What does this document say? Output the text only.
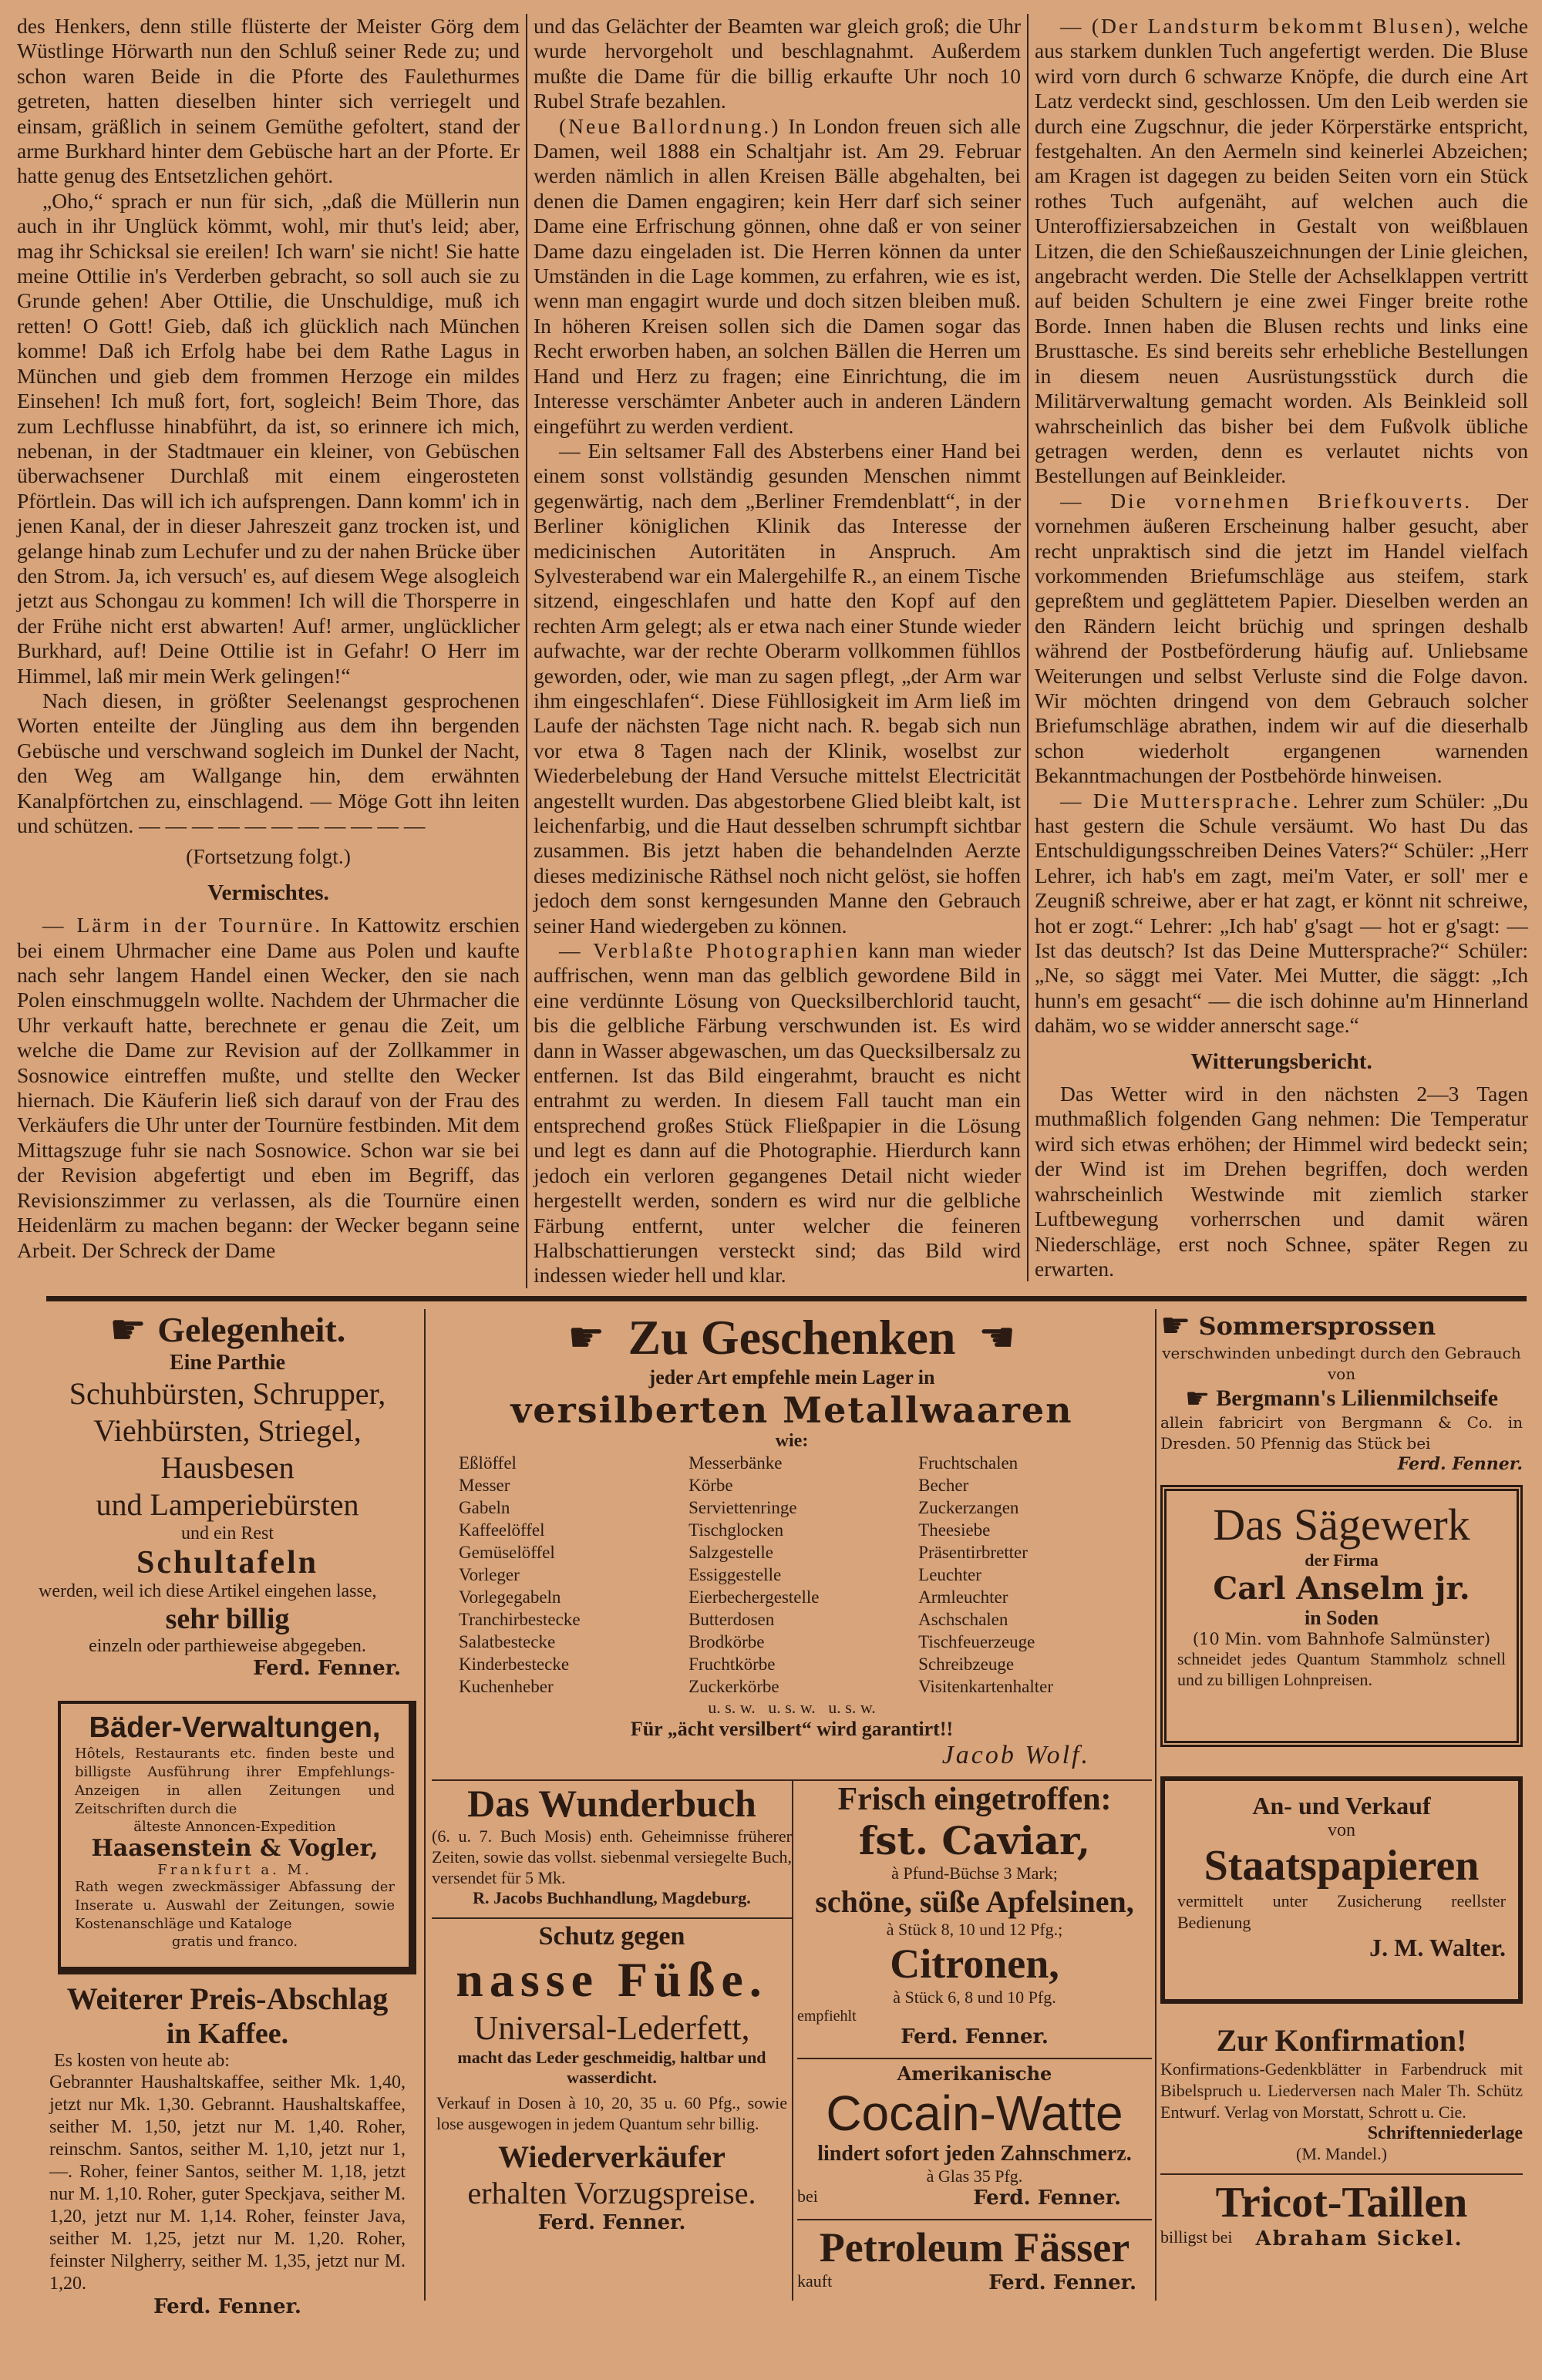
des Henkers, denn stille flüsterte der Meister Görg dem Wüstlinge Hörwarth nun den Schluß seiner Rede zu; und schon waren Beide in die Pforte des Faulethurmes getreten, hatten dieselben hinter sich verriegelt und einsam, gräßlich in seinem Gemüthe gefoltert, stand der arme Burkhard hinter dem Gebüsche hart an der Pforte. Er hatte genug des Entsetzlichen gehört.

„Oho,“ sprach er nun für sich, „daß die Müllerin nun auch in ihr Unglück kömmt, wohl, mir thut's leid; aber, mag ihr Schicksal sie ereilen! Ich warn' sie nicht! Sie hatte meine Ottilie in's Verderben gebracht, so soll auch sie zu Grunde gehen! Aber Ottilie, die Unschuldige, muß ich retten! O Gott! Gieb, daß ich glücklich nach München komme! Daß ich Erfolg habe bei dem Rathe Lagus in München und gieb dem frommen Herzoge ein mildes Einsehen! Ich muß fort, fort, sogleich! Beim Thore, das zum Lechflusse hinabführt, da ist, so erinnere ich mich, nebenan, in der Stadtmauer ein kleiner, von Gebüschen überwachsener Durchlaß mit einem eingerosteten Pförtlein. Das will ich ich aufsprengen. Dann komm' ich in jenen Kanal, der in dieser Jahreszeit ganz trocken ist, und gelange hinab zum Lechufer und zu der nahen Brücke über den Strom. Ja, ich versuch' es, auf diesem Wege alsogleich jetzt aus Schongau zu kommen! Ich will die Thorsperre in der Frühe nicht erst abwarten! Auf! armer, unglücklicher Burkhard, auf! Deine Ottilie ist in Gefahr! O Herr im Himmel, laß mir mein Werk gelingen!“

Nach diesen, in größter Seelenangst gesprochenen Worten enteilte der Jüngling aus dem ihn bergenden Gebüsche und verschwand sogleich im Dunkel der Nacht, den Weg am Wallgange hin, dem erwähnten Kanalpförtchen zu, einschlagend. — Möge Gott ihn leiten und schützen. — — — — — — — — — — —

(Fortsetzung folgt.)
Vermischtes.

— Lärm in der Tournüre. In Kattowitz erschien bei einem Uhrmacher eine Dame aus Polen und kaufte nach sehr langem Handel einen Wecker, den sie nach Polen einschmuggeln wollte. Nachdem der Uhrmacher die Uhr verkauft hatte, berechnete er genau die Zeit, um welche die Dame zur Revision auf der Zollkammer in Sosnowice eintreffen mußte, und stellte den Wecker hiernach. Die Käuferin ließ sich darauf von der Frau des Verkäufers die Uhr unter der Tournüre festbinden. Mit dem Mittagszuge fuhr sie nach Sosnowice. Schon war sie bei der Revision abgefertigt und eben im Begriff, das Revisionszimmer zu verlassen, als die Tournüre einen Heidenlärm zu machen begann: der Wecker begann seine Arbeit. Der Schreck der Dame

und das Gelächter der Beamten war gleich groß; die Uhr wurde hervorgeholt und beschlagnahmt. Außerdem mußte die Dame für die billig erkaufte Uhr noch 10 Rubel Strafe bezahlen.

(Neue Ballordnung.) In London freuen sich alle Damen, weil 1888 ein Schaltjahr ist. Am 29. Februar werden nämlich in allen Kreisen Bälle abgehalten, bei denen die Damen engagiren; kein Herr darf sich seiner Dame eine Erfrischung gönnen, ohne daß er von seiner Dame dazu eingeladen ist. Die Herren können da unter Umständen in die Lage kommen, zu erfahren, wie es ist, wenn man engagirt wurde und doch sitzen bleiben muß. In höheren Kreisen sollen sich die Damen sogar das Recht erworben haben, an solchen Bällen die Herren um Hand und Herz zu fragen; eine Einrichtung, die im Interesse verschämter Anbeter auch in anderen Ländern eingeführt zu werden verdient.

— Ein seltsamer Fall des Absterbens einer Hand bei einem sonst vollständig gesunden Menschen nimmt gegenwärtig, nach dem „Berliner Fremdenblatt“, in der Berliner königlichen Klinik das Interesse der medicinischen Autoritäten in Anspruch. Am Sylvesterabend war ein Malergehilfe R., an einem Tische sitzend, eingeschlafen und hatte den Kopf auf den rechten Arm gelegt; als er etwa nach einer Stunde wieder aufwachte, war der rechte Oberarm vollkommen fühllos geworden, oder, wie man zu sagen pflegt, „der Arm war ihm eingeschlafen“. Diese Fühllosigkeit im Arm ließ im Laufe der nächsten Tage nicht nach. R. begab sich nun vor etwa 8 Tagen nach der Klinik, woselbst zur Wiederbelebung der Hand Versuche mittelst Electricität angestellt wurden. Das abgestorbene Glied bleibt kalt, ist leichenfarbig, und die Haut desselben schrumpft sichtbar zusammen. Bis jetzt haben die behandelnden Aerzte dieses medizinische Räthsel noch nicht gelöst, sie hoffen jedoch dem sonst kerngesunden Manne den Gebrauch seiner Hand wiedergeben zu können.

— Verblaßte Photographien kann man wieder auffrischen, wenn man das gelblich gewordene Bild in eine verdünnte Lösung von Quecksilberchlorid taucht, bis die gelbliche Färbung verschwunden ist. Es wird dann in Wasser abgewaschen, um das Quecksilbersalz zu entfernen. Ist das Bild eingerahmt, braucht es nicht entrahmt zu werden. In diesem Fall taucht man ein entsprechend großes Stück Fließpapier in die Lösung und legt es dann auf die Photographie. Hierdurch kann jedoch ein verloren gegangenes Detail nicht wieder hergestellt werden, sondern es wird nur die gelbliche Färbung entfernt, unter welcher die feineren Halbschattierungen versteckt sind; das Bild wird indessen wieder hell und klar.

— (Der Landsturm bekommt Blusen), welche aus starkem dunklen Tuch angefertigt werden. Die Bluse wird vorn durch 6 schwarze Knöpfe, die durch eine Art Latz verdeckt sind, geschlossen. Um den Leib werden sie durch eine Zugschnur, die jeder Körperstärke entspricht, festgehalten. An den Aermeln sind keinerlei Abzeichen; am Kragen ist dagegen zu beiden Seiten vorn ein Stück rothes Tuch aufgenäht, auf welchen auch die Unteroffiziersabzeichen in Gestalt von weißblauen Litzen, die den Schießauszeichnungen der Linie gleichen, angebracht werden. Die Stelle der Achselklappen vertritt auf beiden Schultern je eine zwei Finger breite rothe Borde. Innen haben die Blusen rechts und links eine Brusttasche. Es sind bereits sehr erhebliche Bestellungen in diesem neuen Ausrüstungsstück durch die Militärverwaltung gemacht worden. Als Beinkleid soll wahrscheinlich das bisher bei dem Fußvolk übliche getragen werden, denn es verlautet nichts von Bestellungen auf Beinkleider.

— Die vornehmen Briefkouverts. Der vornehmen äußeren Erscheinung halber gesucht, aber recht unpraktisch sind die jetzt im Handel vielfach vorkommenden Briefumschläge aus steifem, stark gepreßtem und geglättetem Papier. Dieselben werden an den Rändern leicht brüchig und springen deshalb während der Postbeförderung häufig auf. Unliebsame Weiterungen und selbst Verluste sind die Folge davon. Wir möchten dringend von dem Gebrauch solcher Briefumschläge abrathen, indem wir auf die dieserhalb schon wiederholt ergangenen warnenden Bekanntmachungen der Postbehörde hinweisen.

— Die Muttersprache. Lehrer zum Schüler: „Du hast gestern die Schule versäumt. Wo hast Du das Entschuldigungsschreiben Deines Vaters?“ Schüler: „Herr Lehrer, ich hab's em zagt, mei'm Vater, er soll' mer e Zeugniß schreiwe, aber er hat zagt, er könnt nit schreiwe, hot er zogt.“ Lehrer: „Ich hab' g'sagt — hot er g'sagt: — Ist das deutsch? Ist das Deine Muttersprache?“ Schüler: „Ne, so säggt mei Vater. Mei Mutter, die säggt: „Ich hunn's em gesacht“ — die isch dohinne au'm Hinnerland dahäm, wo se widder annerscht sage.“

Witterungsbericht.

Das Wetter wird in den nächsten 2—3 Tagen muthmaßlich folgenden Gang nehmen: Die Temperatur wird sich etwas erhöhen; der Himmel wird bedeckt sein; der Wind ist im Drehen begriffen, doch werden wahrscheinlich Westwinde mit ziemlich starker Luftbewegung vorherrschen und damit wären Niederschläge, erst noch Schnee, später Regen zu erwarten.

☛ Gelegenheit.
Eine Parthie
Schuhbürsten, Schrupper,
Viehbürsten, Striegel,
Hausbesen
und Lamperiebürsten
und ein Rest
Schultafeln
werden, weil ich diese Artikel eingehen lasse,
sehr billig
einzeln oder parthieweise abgegeben.
Ferd. Fenner.
Bäder-Verwaltungen,
Hôtels, Restaurants etc. finden beste und billigste Ausführung ihrer Empfehlungs-Anzeigen in allen Zeitungen und Zeitschriften durch die
älteste Annoncen-Expedition
Haasenstein & Vogler,
Frankfurt a. M.
Rath wegen zweckmässiger Abfassung der Inserate u. Auswahl der Zeitungen, sowie Kostenanschläge und Kataloge
gratis und franco.
Weiterer Preis-Abschlag
in Kaffee.
Es kosten von heute ab:
Gebrannter Haushaltskaffee, seither Mk. 1,40, jetzt nur Mk. 1,30. Gebrannt. Haushaltskaffee, seither M. 1,50, jetzt nur M. 1,40. Roher, reinschm. Santos, seither M. 1,10, jetzt nur 1,—. Roher, feiner Santos, seither M. 1,18, jetzt nur M. 1,10. Roher, guter Speckjava, seither M. 1,20, jetzt nur M. 1,14. Roher, feinster Java, seither M. 1,25, jetzt nur M. 1,20. Roher, feinster Nilgherry, seither M. 1,35, jetzt nur M. 1,20.
Ferd. Fenner.
☛ Zu Geschenken ☛
jeder Art empfehle mein Lager in
versilberten Metallwaaren
wie:
Eßlöffel
Messer
Gabeln
Kaffeelöffel
Gemüselöffel
Vorleger
Vorlegegabeln
Tranchirbestecke
Salatbestecke
Kinderbestecke
Kuchenheber
Messerbänke
Körbe
Serviettenringe
Tischglocken
Salzgestelle
Essiggestelle
Eierbechergestelle
Butterdosen
Brodkörbe
Fruchtkörbe
Zuckerkörbe
Fruchtschalen
Becher
Zuckerzangen
Theesiebe
Präsentirbretter
Leuchter
Armleuchter
Aschschalen
Tischfeuerzeuge
Schreibzeuge
Visitenkartenhalter
u. s. w.   u. s. w.   u. s. w.
Für „ächt versilbert“ wird garantirt!!
Jacob Wolf.
Das Wunderbuch
(6. u. 7. Buch Mosis) enth. Geheimnisse früherer Zeiten, sowie das vollst. siebenmal versiegelte Buch, versendet für 5 Mk.
R. Jacobs Buchhandlung, Magdeburg.
Schutz gegen
nasse Füße.
Universal-Lederfett,
macht das Leder geschmeidig, haltbar und wasserdicht.
Verkauf in Dosen à 10, 20, 35 u. 60 Pfg., sowie lose ausgewogen in jedem Quantum sehr billig.
Wiederverkäufer
erhalten Vorzugspreise.
Ferd. Fenner.
Frisch eingetroffen:
fst. Caviar,
à Pfund-Büchse 3 Mark;
schöne, süße Apfelsinen,
à Stück 8, 10 und 12 Pfg.;
Citronen,
à Stück 6, 8 und 10 Pfg.
empfiehlt
Ferd. Fenner.
Amerikanische
Cocain-Watte
lindert sofort jeden Zahnschmerz.
à Glas 35 Pfg.
bei	Ferd. Fenner.
Petroleum Fässer
kauft	Ferd. Fenner.
☛ Sommersprossen
verschwinden unbedingt durch den Gebrauch von
☛ Bergmann's Lilienmilchseife
allein fabricirt von Bergmann & Co. in Dresden. 50 Pfennig das Stück bei
Ferd. Fenner.
Das Sägewerk
der Firma
Carl Anselm jr.
in Soden
(10 Min. vom Bahnhofe Salmünster)
schneidet jedes Quantum Stammholz schnell und zu billigen Lohnpreisen.
An- und Verkauf
von
Staatspapieren
vermittelt unter Zusicherung reellster Bedienung
J. M. Walter.
Zur Konfirmation!
Konfirmations-Gedenkblätter in Farbendruck mit Bibelspruch u. Liederversen nach Maler Th. Schütz Entwurf. Verlag von Morstatt, Schrott u. Cie.
Schriftenniederlage
(M. Mandel.)
Tricot-Taillen
billigst bei Abraham Sickel.
